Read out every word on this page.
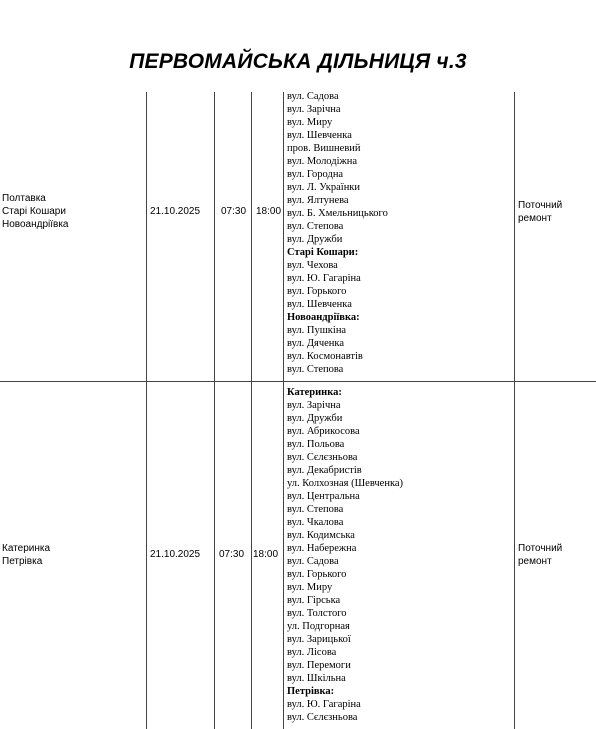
ПЕРВОМАЙСЬКА ДІЛЬНИЦЯ ч.3
Полтавка
Старі Кошари
Новоандріївка
21.10.2025 07:30 18:00
Поточний
ремонт
вул. Садова
вул. Зарічна
вул. Миру
вул. Шевченка
пров. Вишневий
вул. Молодіжна
вул. Городна
вул. Л. Українки
вул. Ялтунева
вул. Б. Хмельницького
вул. Степова
вул. Дружби
Старі Кошари:
вул. Чехова
вул. Ю. Гагаріна
вул. Горького
вул. Шевченка
Новоандріївка:
вул. Пушкіна
вул. Дяченка
вул. Космонавтів
вул. Степова
Катеринка
Петрівка
21.10.2025 07:30 18:00
Поточний
ремонт
Катеринка:
вул. Зарічна
вул. Дружби
вул. Абрикосова
вул. Польова
вул. Сєлєзньова
вул. Декабристів
ул. Колхозная (Шевченка)
вул. Центральна
вул. Степова
вул. Чкалова
вул. Кодимська
вул. Набережна
вул. Садова
вул. Горького
вул. Миру
вул. Гірська
вул. Толстого
ул. Подгорная
вул. Зарицької
вул. Лісова
вул. Перемоги
вул. Шкільна
Петрівка:
вул. Ю. Гагаріна
вул. Сєлєзньова
